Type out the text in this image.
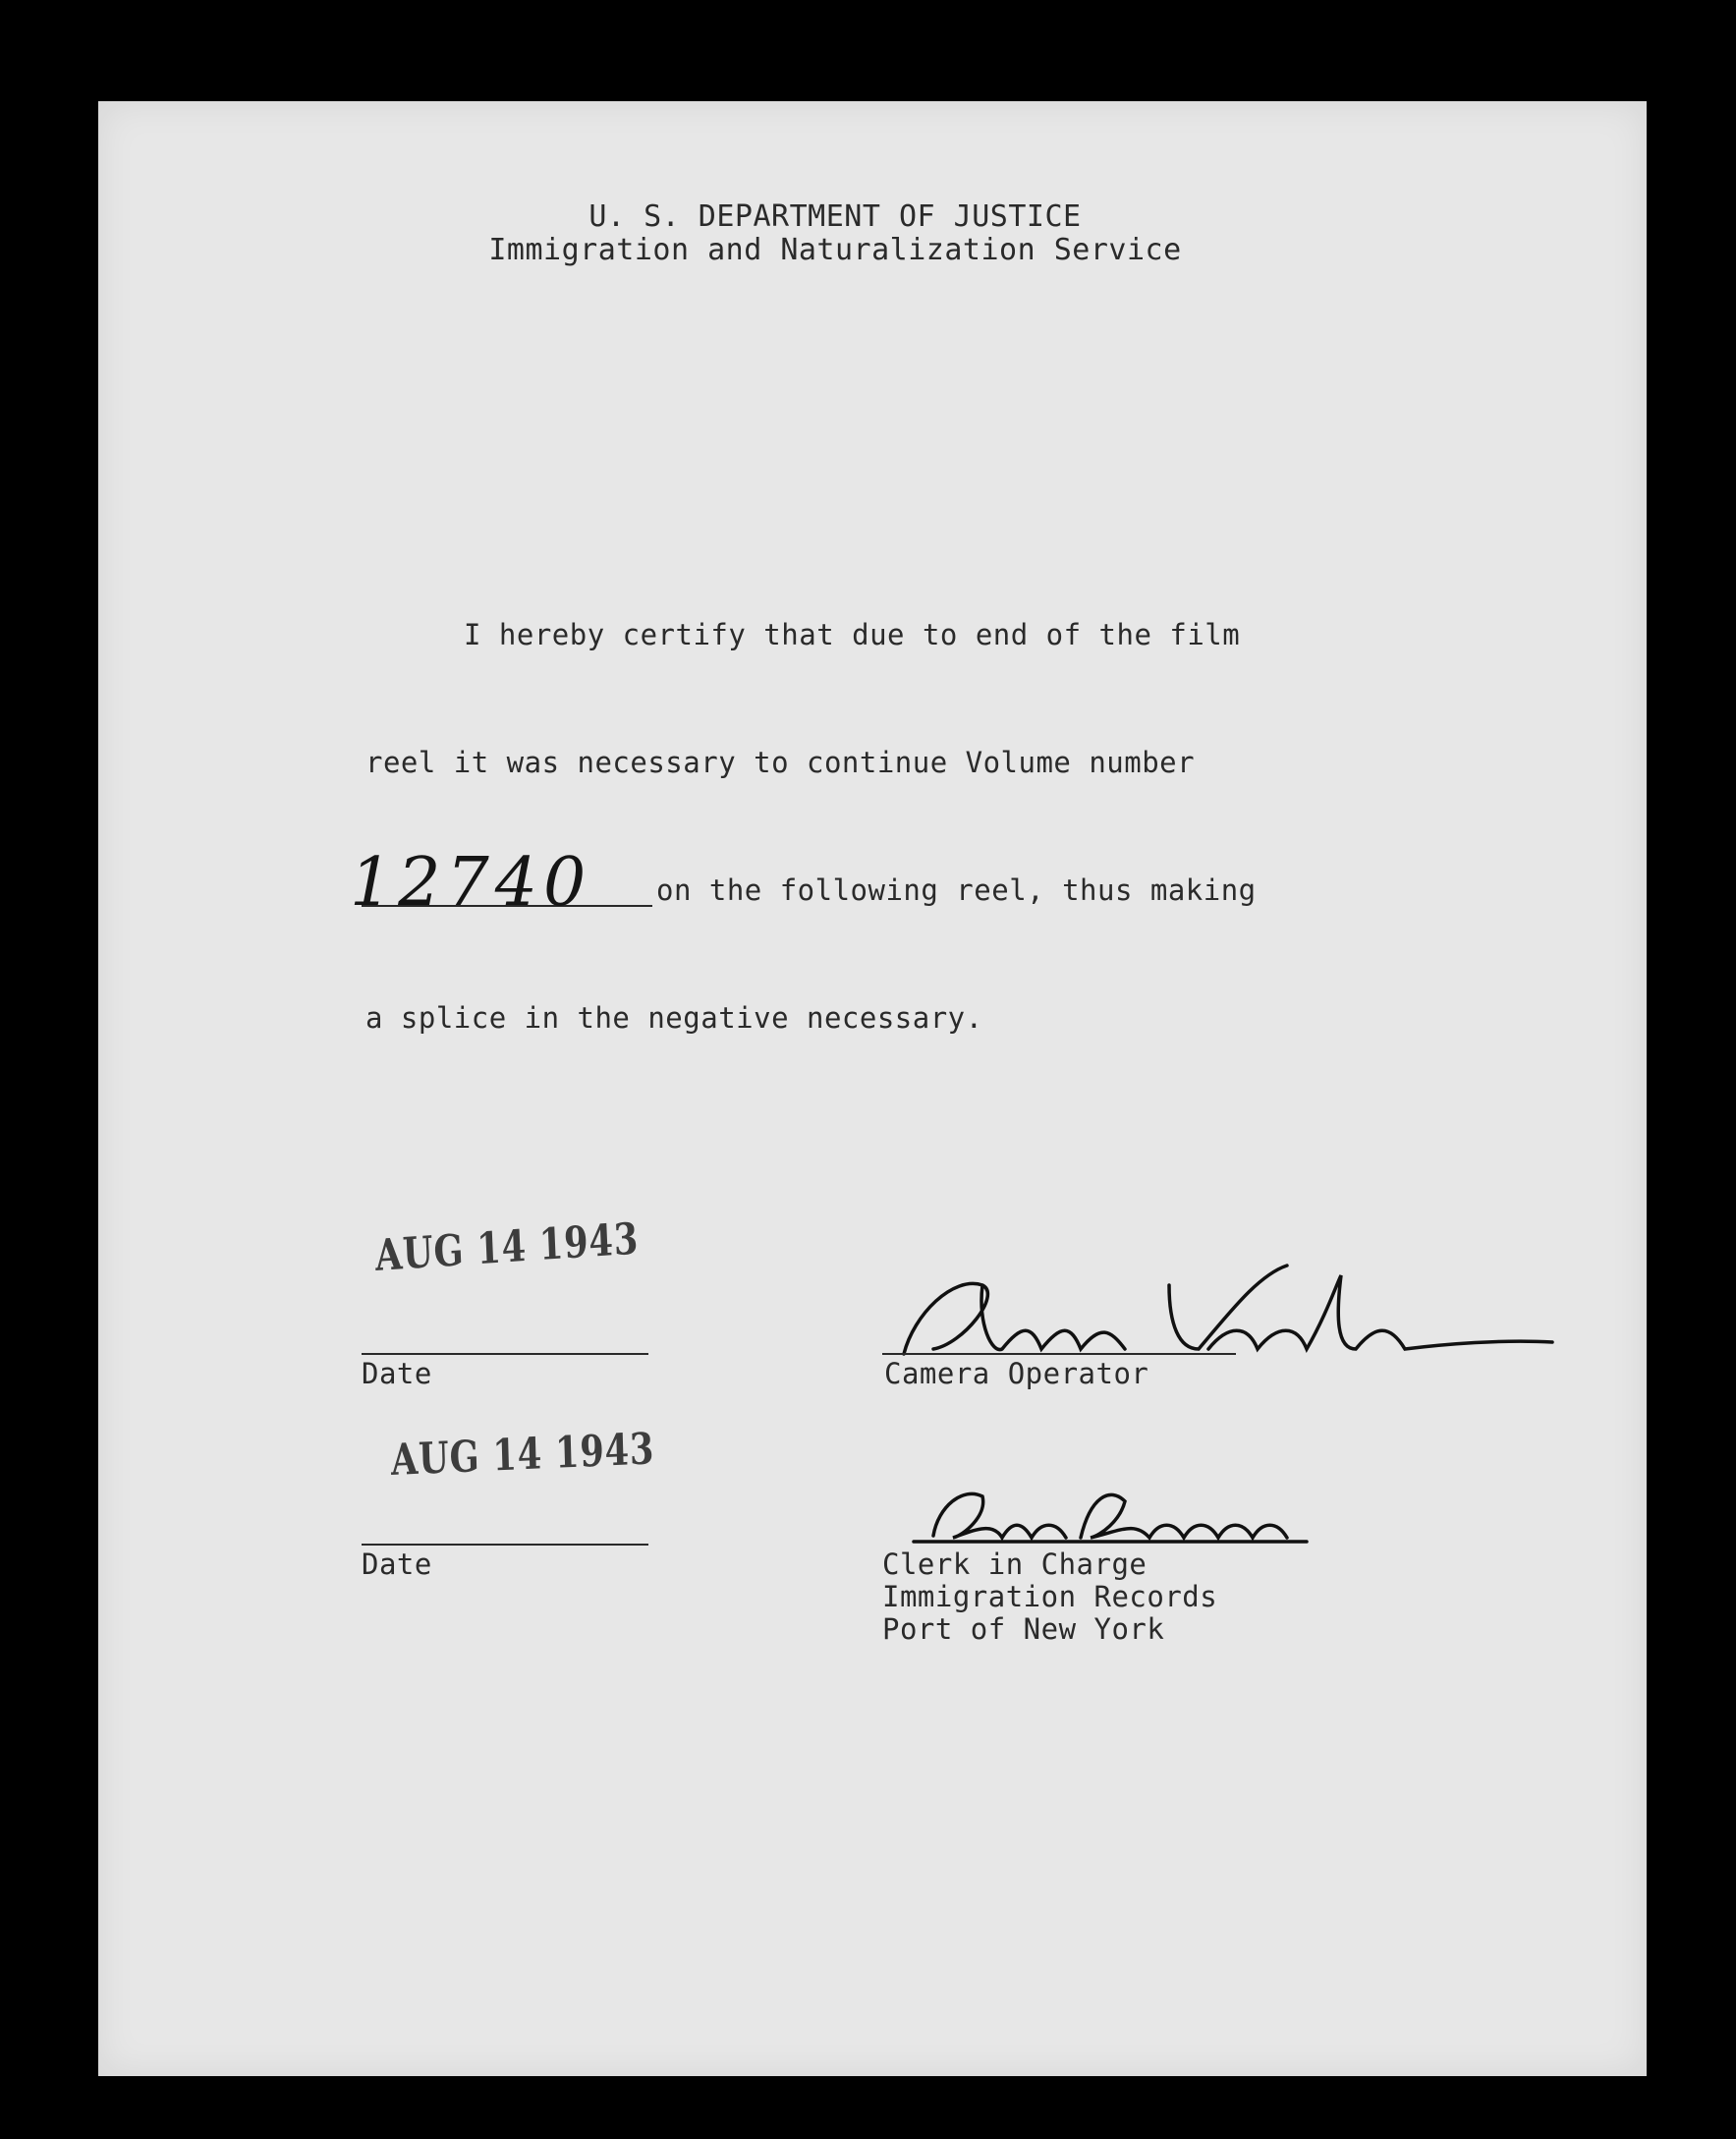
U. S. DEPARTMENT OF JUSTICE
Immigration and Naturalization Service
I hereby certify that due to end of the film
reel it was necessary to continue Volume number
12740 on the following reel, thus making
a splice in the negative necessary.
AUG 14 1943
Date	Camera Operator
AUG 14 1943
Date	Clerk in Charge
Immigration Records
Port of New York
